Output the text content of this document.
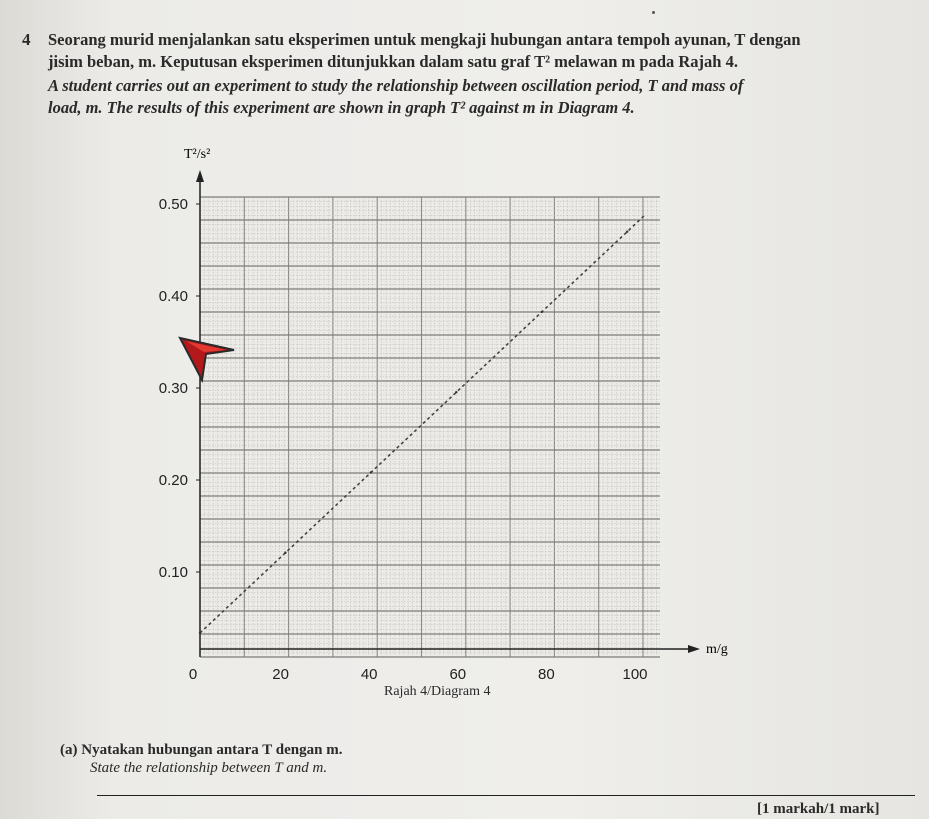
4 Seorang murid menjalankan satu eksperimen untuk mengkaji hubungan antara tempoh ayunan, T dengan
jisim beban, m. Keputusan eksperimen ditunjukkan dalam satu graf T² melawan m pada Rajah 4.
A student carries out an experiment to study the relationship between oscillation period, T and mass of
load, m. The results of this experiment are shown in graph T² against m in Diagram 4.
0.10
0.20
0.30
0.40
0.50
0	20	40	60	80	100
T²/s²
m/g
Rajah 4/Diagram 4
(a) Nyatakan hubungan antara T dengan m.
State the relationship between T and m.
[1 markah/1 mark]
